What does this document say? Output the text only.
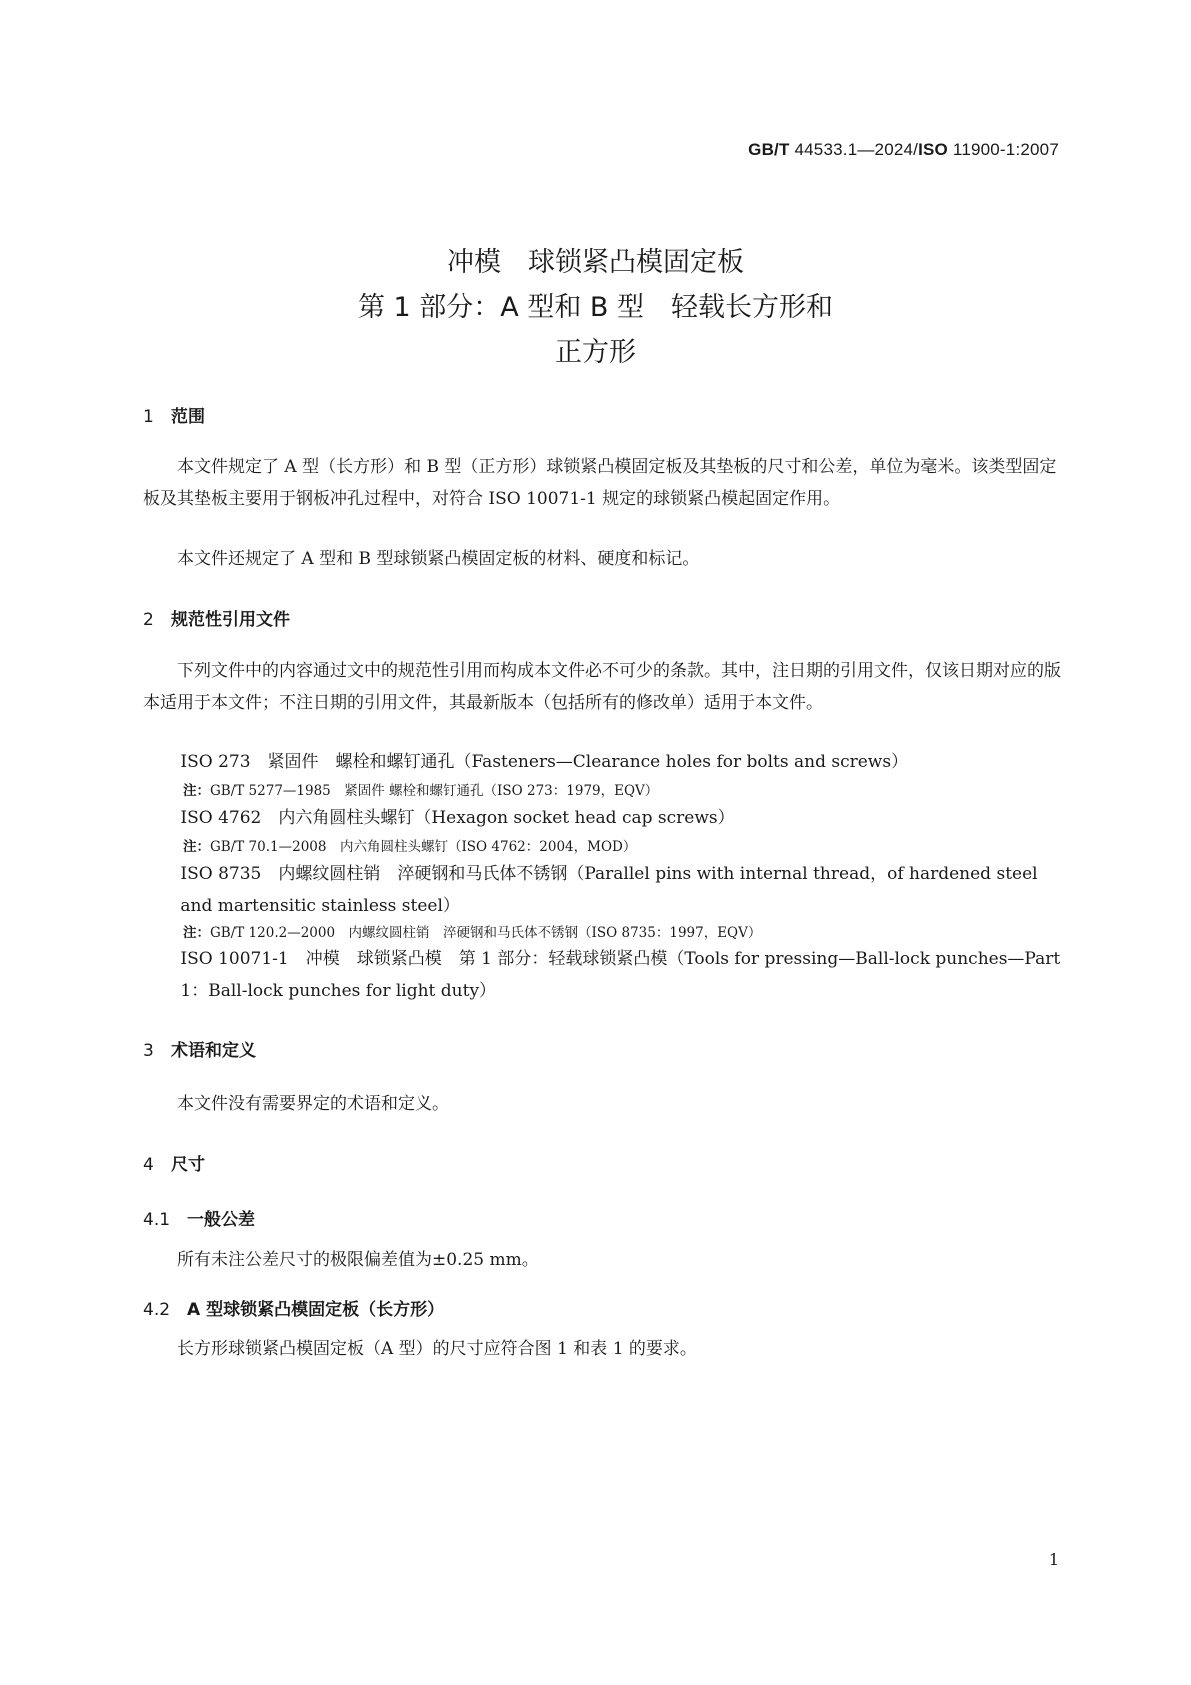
GB/T 44533.1—2024/ISO 11900-1:2007
冲模　球锁紧凸模固定板
第 1 部分：A 型和 B 型　轻载长方形和
正方形
1 范围
本文件规定了 A 型（长方形）和 B 型（正方形）球锁紧凸模固定板及其垫板的尺寸和公差，单位为毫米。该类型固定板及其垫板主要用于钢板冲孔过程中，对符合 ISO 10071-1 规定的球锁紧凸模起固定作用。
本文件还规定了 A 型和 B 型球锁紧凸模固定板的材料、硬度和标记。
2 规范性引用文件
下列文件中的内容通过文中的规范性引用而构成本文件必不可少的条款。其中，注日期的引用文件，仅该日期对应的版本适用于本文件；不注日期的引用文件，其最新版本（包括所有的修改单）适用于本文件。
ISO 273　紧固件　螺栓和螺钉通孔（Fasteners—Clearance holes for bolts and screws）
注：GB/T 5277—1985　紧固件 螺栓和螺钉通孔（ISO 273：1979，EQV）
ISO 4762　内六角圆柱头螺钉（Hexagon socket head cap screws）
注：GB/T 70.1—2008　内六角圆柱头螺钉（ISO 4762：2004，MOD）
ISO 8735　内螺纹圆柱销　淬硬钢和马氏体不锈钢（Parallel pins with internal thread，of hardened steel and martensitic stainless steel）
注：GB/T 120.2—2000　内螺纹圆柱销　淬硬钢和马氏体不锈钢（ISO 8735：1997，EQV）
ISO 10071-1　冲模　球锁紧凸模　第 1 部分：轻载球锁紧凸模（Tools for pressing—Ball-lock punches—Part 1：Ball-lock punches for light duty）
3 术语和定义
本文件没有需要界定的术语和定义。
4 尺寸
4.1 一般公差
所有未注公差尺寸的极限偏差值为±0.25 mm。
4.2 A 型球锁紧凸模固定板（长方形）
长方形球锁紧凸模固定板（A 型）的尺寸应符合图 1 和表 1 的要求。
1
